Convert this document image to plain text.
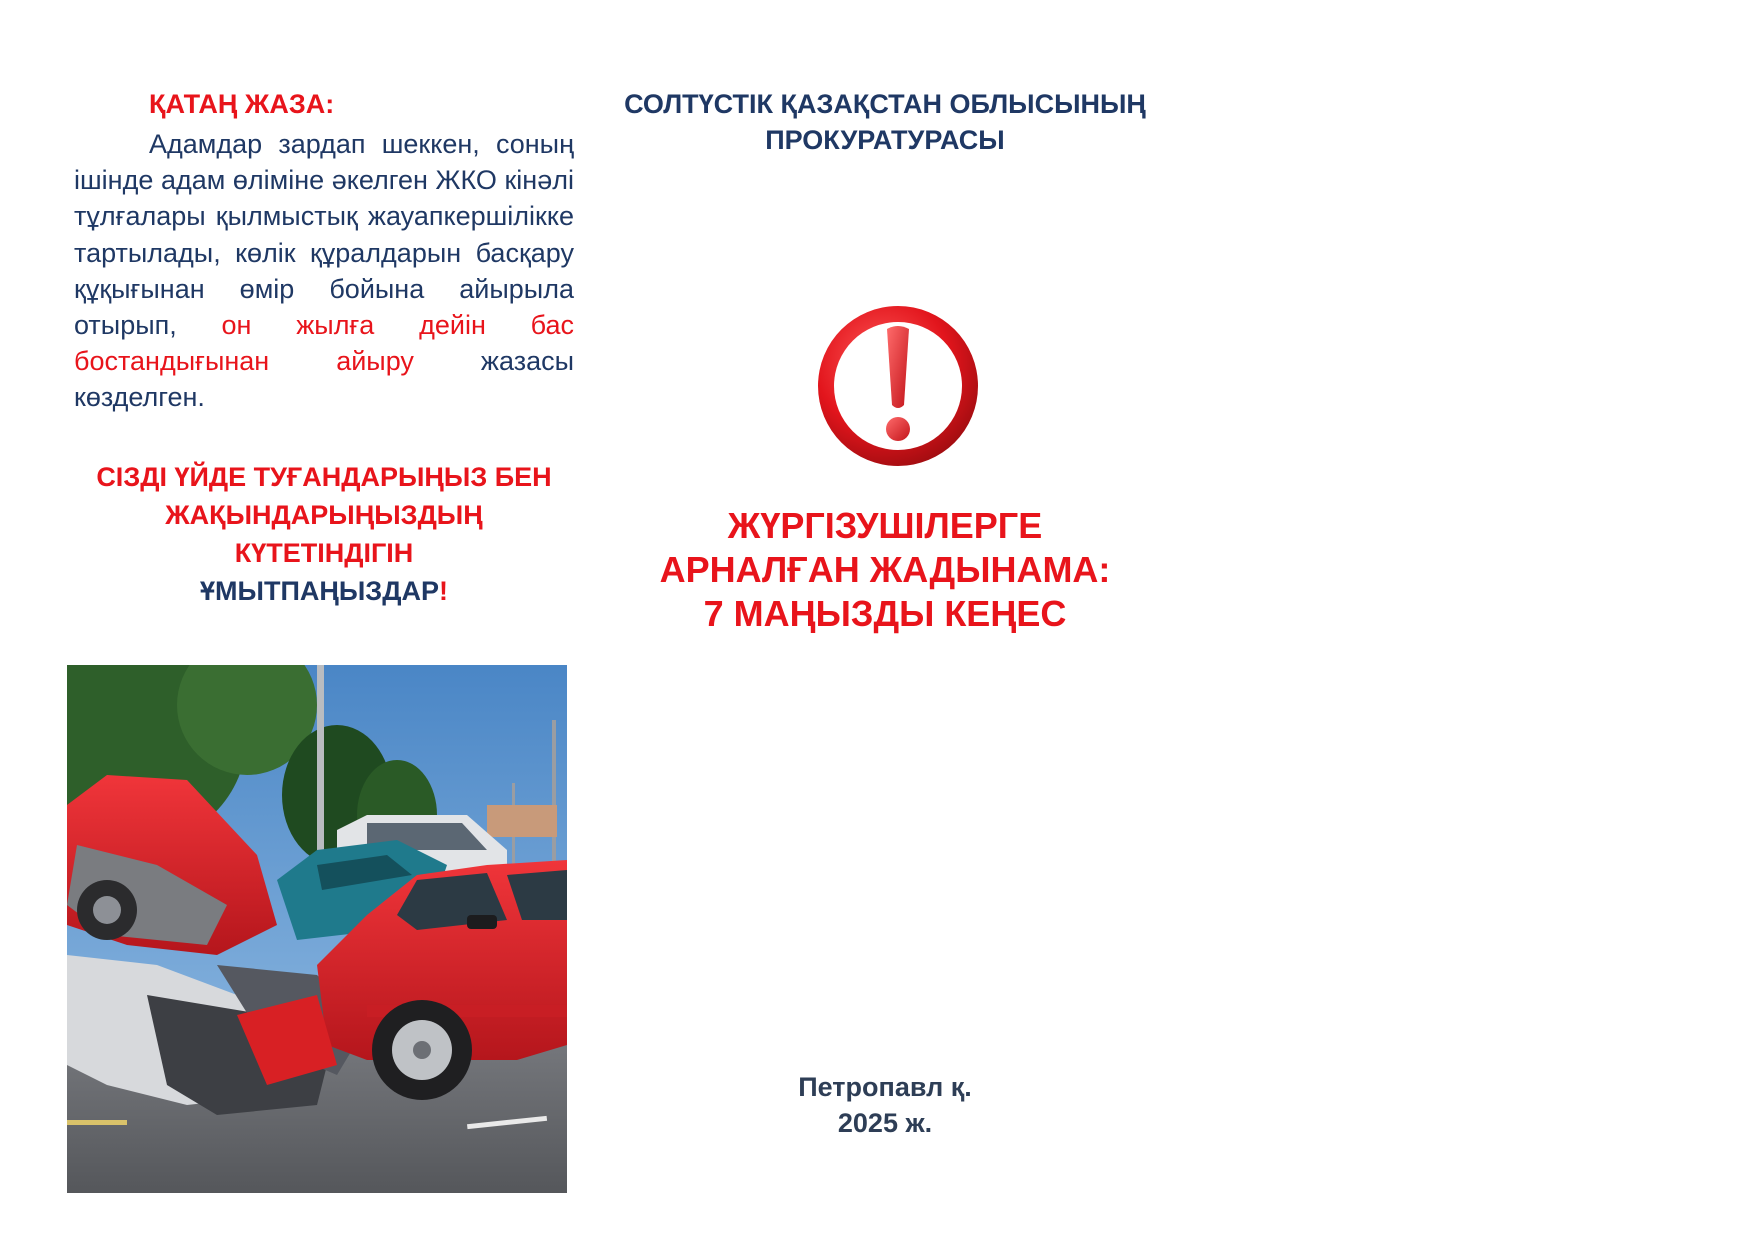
ҚАТАҢ ЖАЗА:

Адамдар зардап шеккен, соның ішінде адам өліміне әкелген ЖКО кінәлі тұлғалары қылмыстық жауапкершілікке тартылады, көлік құралдарын басқару құқығынан өмір бойына айырыла отырып, он жылға дейін бас бостандығынан айыру жазасы көзделген.

СІЗДІ ҮЙДЕ ТУҒАНДАРЫҢЫЗ БЕН ЖАҚЫНДАРЫҢЫЗДЫҢ КҮТЕТІНДІГІН
ҰМЫТПАҢЫЗДАР!

СОЛТҮСТІК ҚАЗАҚСТАН ОБЛЫСЫНЫҢ ПРОКУРАТУРАСЫ

ЖҮРГІЗУШІЛЕРГЕ
АРНАЛҒАН ЖАДЫНАМА:
7 МАҢЫЗДЫ КЕҢЕС

Петропавл қ.
2025 ж.
